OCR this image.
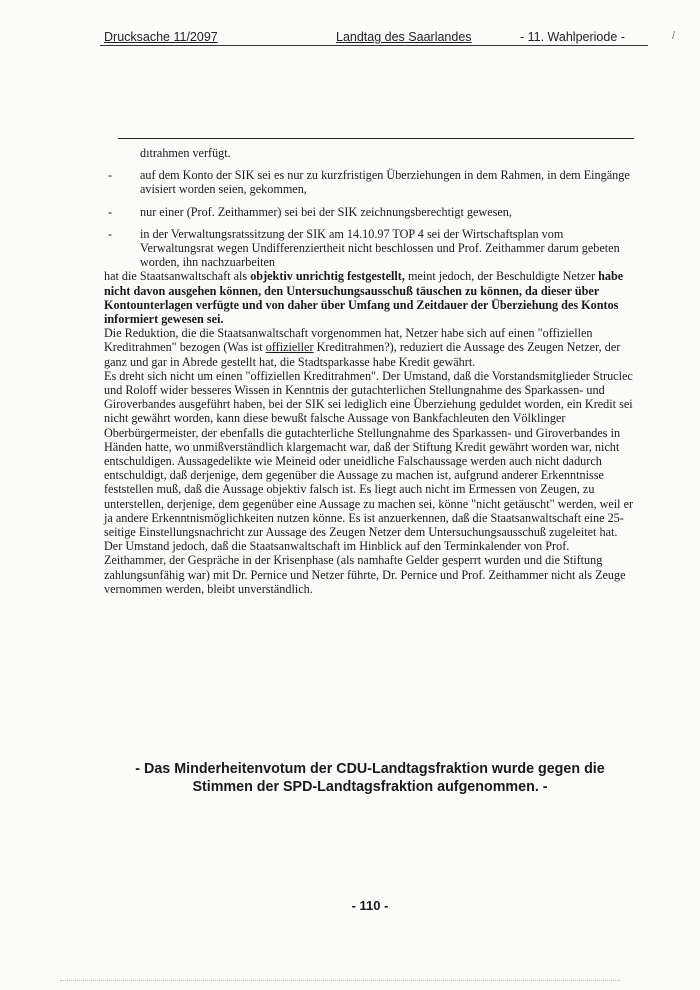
Drucksache 11/2097	Landtag des Saarlandes	- 11. Wahlperiode -	/

dıtrahmen verfügt.

- auf dem Konto der SIK sei es nur zu kurzfristigen Überziehungen in dem Rahmen, in dem Eingänge avisiert worden seien, gekommen,
- nur einer (Prof. Zeithammer) sei bei der SIK zeichnungsberechtigt gewesen,
- in der Verwaltungsratssitzung der SIK am 14.10.97 TOP 4 sei der Wirtschaftsplan vom Verwaltungsrat wegen Undifferenziertheit nicht beschlossen und Prof. Zeithammer darum gebeten worden, ihn nachzuarbeiten

hat die Staatsanwaltschaft als objektiv unrichtig festgestellt, meint jedoch, der Beschuldigte Netzer habe nicht davon ausgehen können, den Untersuchungsausschuß täuschen zu können, da dieser über Kontounterlagen verfügte und von daher über Umfang und Zeitdauer der Überziehung des Kontos informiert gewesen sei.

Die Reduktion, die die Staatsanwaltschaft vorgenommen hat, Netzer habe sich auf einen "offiziellen Kreditrahmen" bezogen (Was ist offizieller Kreditrahmen?), reduziert die Aussage des Zeugen Netzer, der ganz und gar in Abrede gestellt hat, die Stadtsparkasse habe Kredit gewährt.

Es dreht sich nicht um einen "offiziellen Kreditrahmen". Der Umstand, daß die Vorstandsmitglieder Struclec und Roloff wider besseres Wissen in Kenntnis der gutachterlichen Stellungnahme des Sparkassen- und Giroverbandes ausgeführt haben, bei der SIK sei lediglich eine Überziehung geduldet worden, ein Kredit sei nicht gewährt worden, kann diese bewußt falsche Aussage von Bankfachleuten den Völklinger Oberbürgermeister, der ebenfalls die gutachterliche Stellungnahme des Sparkassen- und Giroverbandes in Händen hatte, wo unmißverständlich klargemacht war, daß der Stiftung Kredit gewährt worden war, nicht entschuldigen. Aussagedelikte wie Meineid oder uneidliche Falschaussage werden auch nicht dadurch entschuldigt, daß derjenige, dem gegenüber die Aussage zu machen ist, aufgrund anderer Erkenntnisse feststellen muß, daß die Aussage objektiv falsch ist. Es liegt auch nicht im Ermessen von Zeugen, zu unterstellen, derjenige, dem gegenüber eine Aussage zu machen sei, könne "nicht getäuscht" werden, weil er ja andere Erkenntnismöglichkeiten nutzen könne. Es ist anzuerkennen, daß die Staatsanwaltschaft eine 25-seitige Einstellungsnachricht zur Aussage des Zeugen Netzer dem Untersuchungsausschuß zugeleitet hat. Der Umstand jedoch, daß die Staatsanwaltschaft im Hinblick auf den Terminkalender von Prof. Zeithammer, der Gespräche in der Krisenphase (als namhafte Gelder gesperrt wurden und die Stiftung zahlungsunfähig war) mit Dr. Pernice und Netzer führte, Dr. Pernice und Prof. Zeithammer nicht als Zeuge vernommen werden, bleibt unverständlich.

- Das Minderheitenvotum der CDU-Landtagsfraktion wurde gegen die
Stimmen der SPD-Landtagsfraktion aufgenommen. -
- 110 -
